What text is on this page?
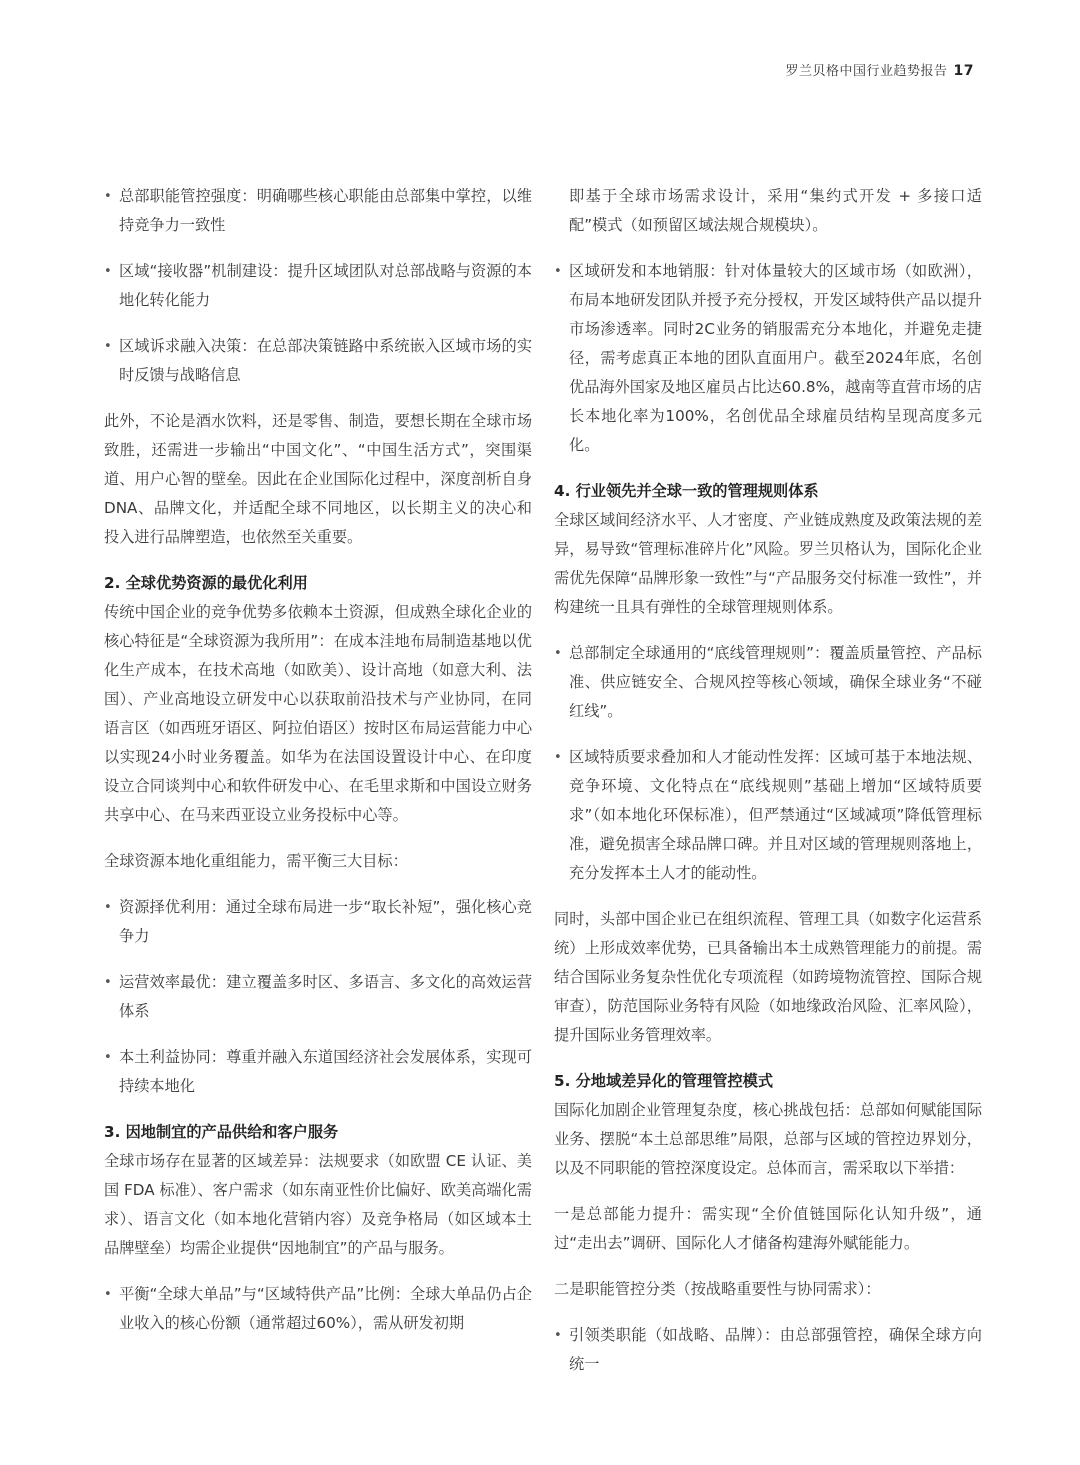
罗兰贝格中国行业趋势报告 17
• 总部职能管控强度：明确哪些核心职能由总部集中掌控，以维持竞争力一致性
• 区域“接收器”机制建设：提升区域团队对总部战略与资源的本地化转化能力
• 区域诉求融入决策：在总部决策链路中系统嵌入区域市场的实时反馈与战略信息

此外，不论是酒水饮料，还是零售、制造，要想长期在全球市场致胜，还需进一步输出“中国文化”、“中国生活方式”，突围渠道、用户心智的壁垒。因此在企业国际化过程中，深度剖析自身DNA、品牌文化，并适配全球不同地区，以长期主义的决心和投入进行品牌塑造，也依然至关重要。

2. 全球优势资源的最优化利用

传统中国企业的竞争优势多依赖本土资源，但成熟全球化企业的核心特征是“全球资源为我所用”：在成本洼地布局制造基地以优化生产成本，在技术高地（如欧美）、设计高地（如意大利、法国）、产业高地设立研发中心以获取前沿技术与产业协同，在同语言区（如西班牙语区、阿拉伯语区）按时区布局运营能力中心以实现24小时业务覆盖。如华为在法国设置设计中心、在印度设立合同谈判中心和软件研发中心、在毛里求斯和中国设立财务共享中心、在马来西亚设立业务投标中心等。

全球资源本地化重组能力，需平衡三大目标：

• 资源择优利用：通过全球布局进一步“取长补短”，强化核心竞争力
• 运营效率最优：建立覆盖多时区、多语言、多文化的高效运营体系
• 本土利益协同：尊重并融入东道国经济社会发展体系，实现可持续本地化
3. 因地制宜的产品供给和客户服务

全球市场存在显著的区域差异：法规要求（如欧盟 CE 认证、美国 FDA 标准）、客户需求（如东南亚性价比偏好、欧美高端化需求）、语言文化（如本地化营销内容）及竞争格局（如区域本土品牌壁垒）均需企业提供“因地制宜”的产品与服务。

• 平衡“全球大单品”与“区域特供产品”比例：全球大单品仍占企业收入的核心份额（通常超过60%），需从研发初期

即基于全球市场需求设计，采用“集约式开发 + 多接口适配”模式（如预留区域法规合规模块）。

• 区域研发和本地销服：针对体量较大的区域市场（如欧洲），布局本地研发团队并授予充分授权，开发区域特供产品以提升市场渗透率。同时2C业务的销服需充分本地化，并避免走捷径，需考虑真正本地的团队直面用户。截至2024年底，名创优品海外国家及地区雇员占比达60.8%，越南等直营市场的店长本地化率为100%，名创优品全球雇员结构呈现高度多元化。
4. 行业领先并全球一致的管理规则体系

全球区域间经济水平、人才密度、产业链成熟度及政策法规的差异，易导致“管理标准碎片化”风险。罗兰贝格认为，国际化企业需优先保障“品牌形象一致性”与“产品服务交付标准一致性”，并构建统一且具有弹性的全球管理规则体系。

• 总部制定全球通用的“底线管理规则”：覆盖质量管控、产品标准、供应链安全、合规风控等核心领域，确保全球业务“不碰红线”。
• 区域特质要求叠加和人才能动性发挥：区域可基于本地法规、竞争环境、文化特点在“底线规则”基础上增加“区域特质要求”（如本地化环保标准），但严禁通过“区域减项”降低管理标准，避免损害全球品牌口碑。并且对区域的管理规则落地上，充分发挥本土人才的能动性。

同时，头部中国企业已在组织流程、管理工具（如数字化运营系统）上形成效率优势，已具备输出本土成熟管理能力的前提。需结合国际业务复杂性优化专项流程（如跨境物流管控、国际合规审查），防范国际业务特有风险（如地缘政治风险、汇率风险），提升国际业务管理效率。

5. 分地域差异化的管理管控模式

国际化加剧企业管理复杂度，核心挑战包括：总部如何赋能国际业务、摆脱“本土总部思维”局限，总部与区域的管控边界划分，以及不同职能的管控深度设定。总体而言，需采取以下举措：

一是总部能力提升：需实现“全价值链国际化认知升级”，通过“走出去”调研、国际化人才储备构建海外赋能能力。

二是职能管控分类（按战略重要性与协同需求）：

• 引领类职能（如战略、品牌）：由总部强管控，确保全球方向统一
